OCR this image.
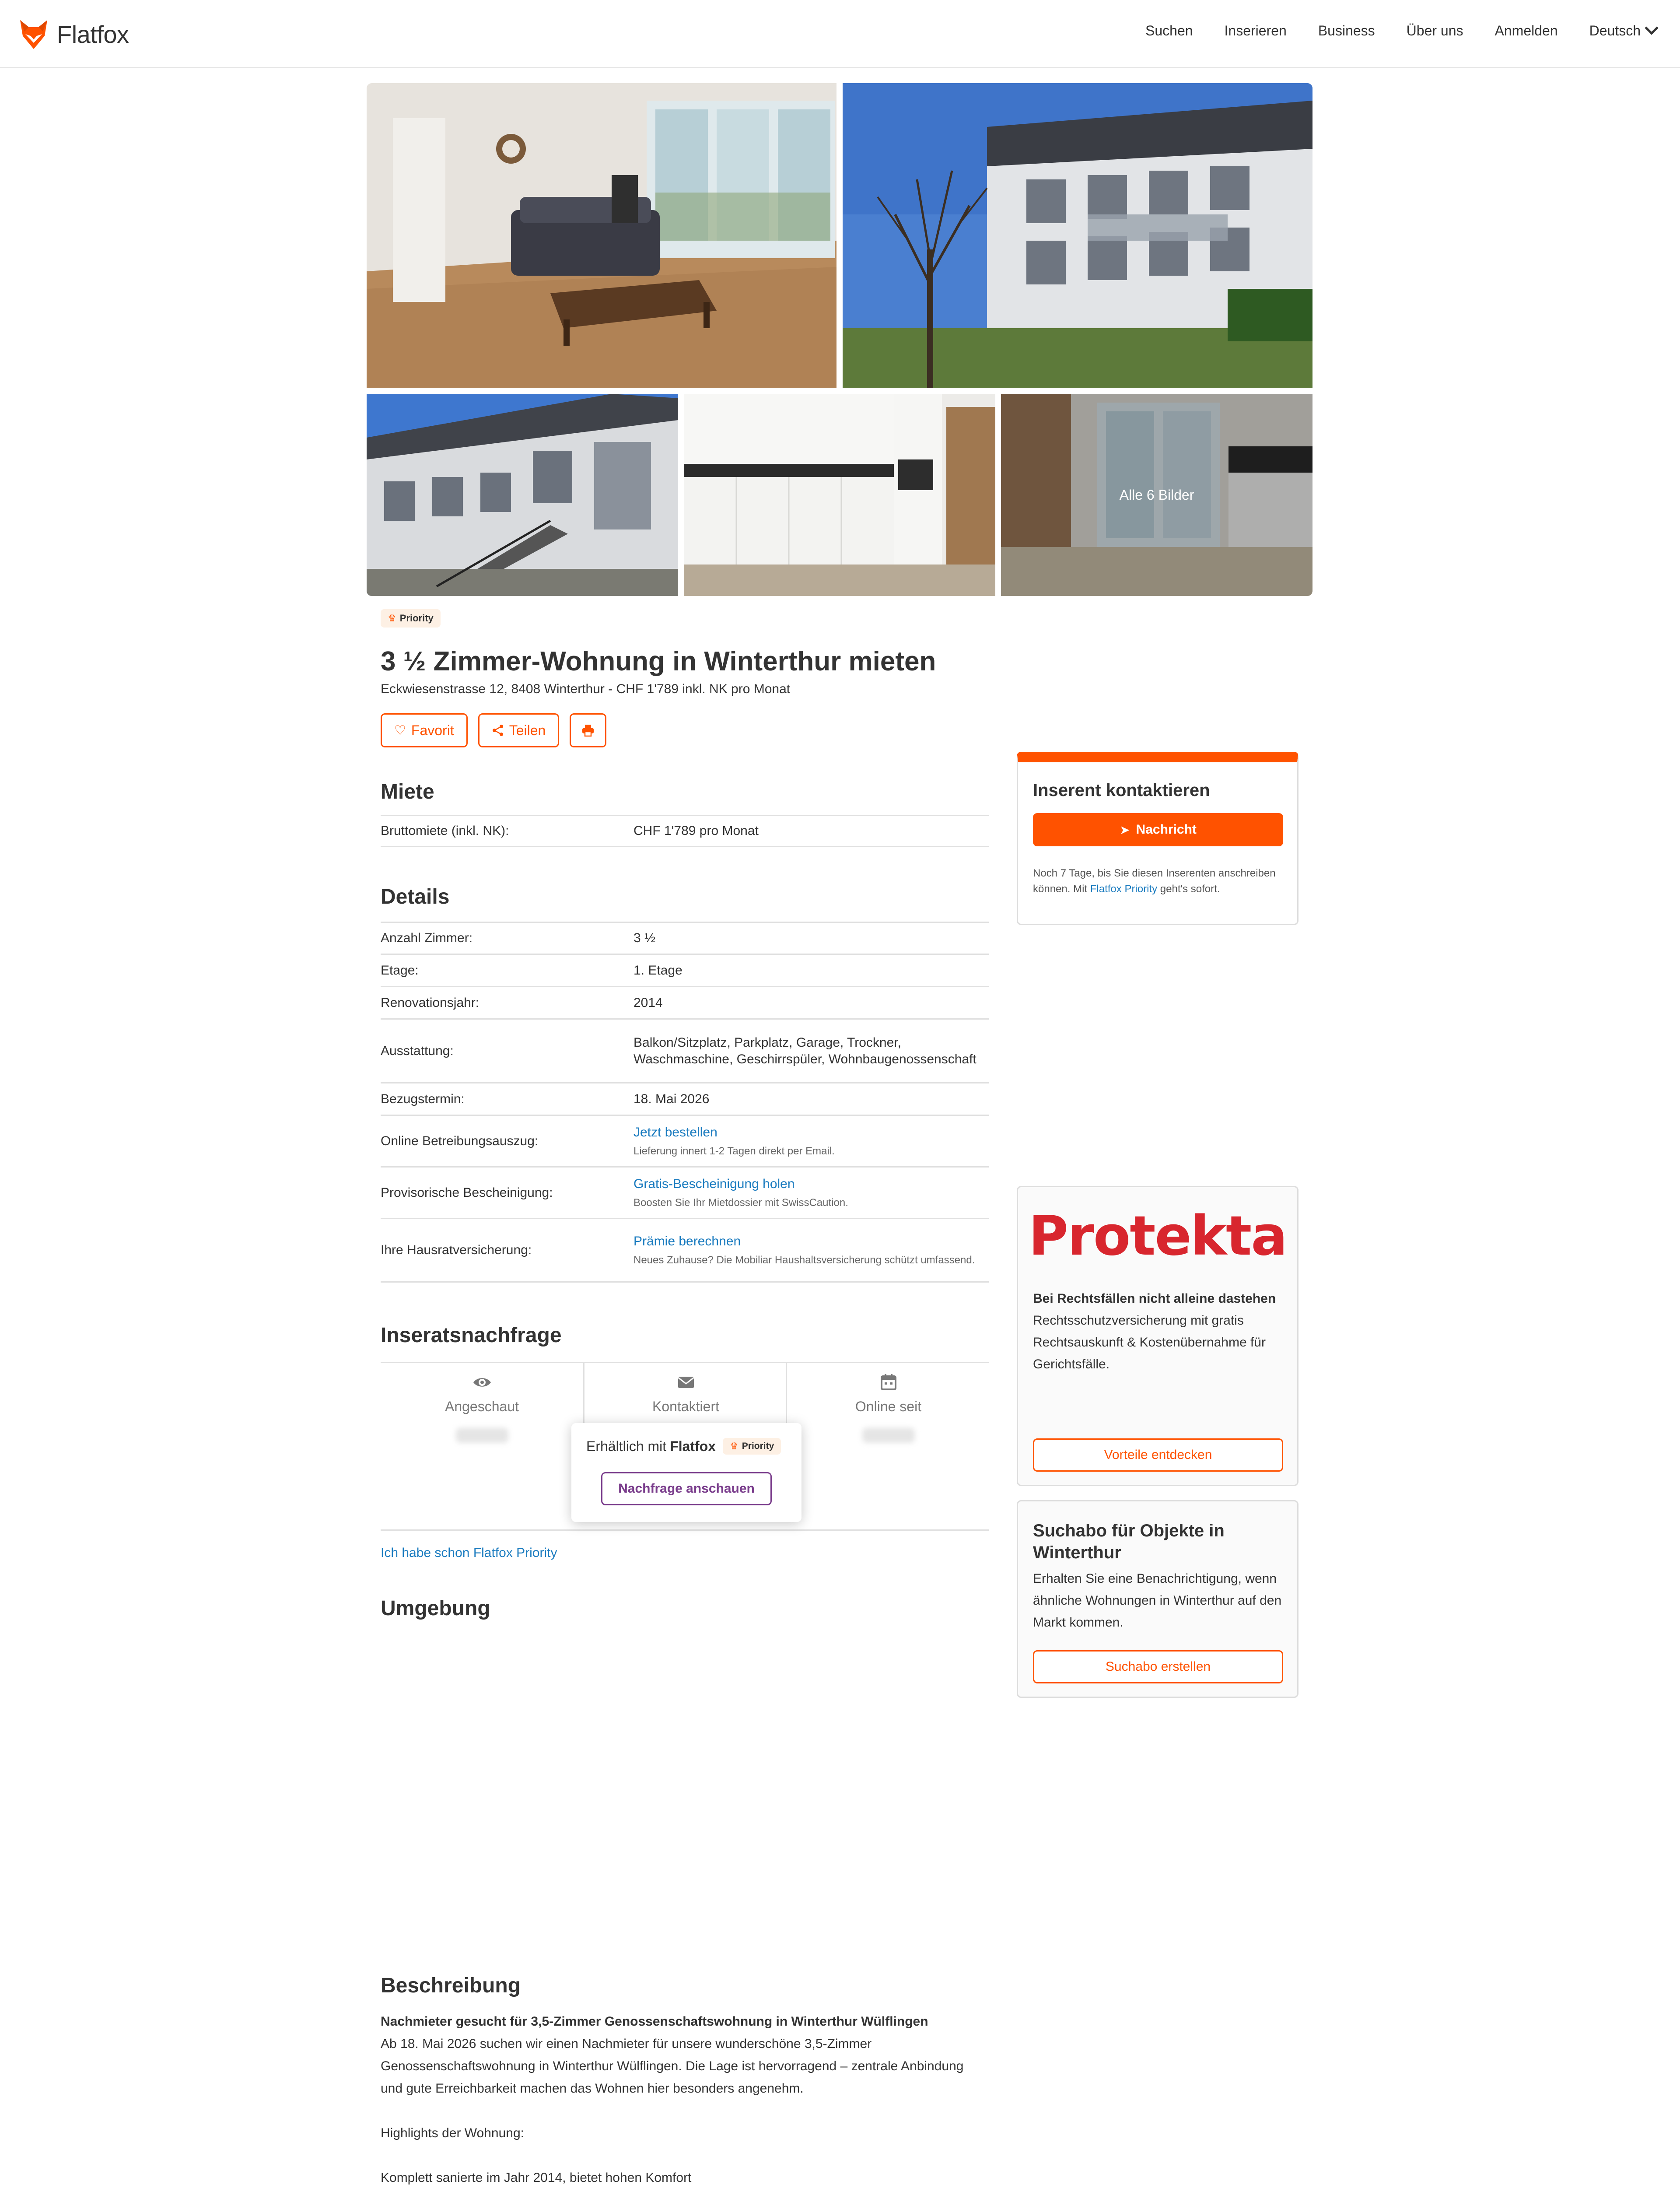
Flatfox	Suchen Inserieren Business Über uns Anmelden Deutsch
Alle 6 Bilder
♛ Priority
3 ½ Zimmer-Wohnung in Winterthur mieten
Eckwiesenstrasse 12, 8408 Winterthur - CHF 1'789 inkl. NK pro Monat
♡ Favorit	Teilen
Miete
Bruttomiete (inkl. NK):	CHF 1'789 pro Monat
Details
Anzahl Zimmer:	3 ½
Etage:	1. Etage
Renovationsjahr:	2014
Ausstattung:
Balkon/Sitzplatz, Parkplatz, Garage, Trockner, Waschmaschine, Geschirrspüler, Wohnbaugenossenschaft
Bezugstermin:	18. Mai 2026
Online Betreibungsauszug:
Jetzt bestellen
Lieferung innert 1-2 Tagen direkt per Email.
Provisorische Bescheinigung:
Gratis-Bescheinigung holen
Boosten Sie Ihr Mietdossier mit SwissCaution.
Ihre Hausratversicherung:
Prämie berechnen
Neues Zuhause? Die Mobiliar Haushaltsversicherung schützt umfassend.
Inseratsnachfrage
Angeschaut	Kontaktiert	Online seit
Erhältlich mit Flatfox ♛ Priority
Nachfrage anschauen
Ich habe schon Flatfox Priority
Umgebung
Beschreibung

Nachmieter gesucht für 3,5-Zimmer Genossenschaftswohnung in Winterthur Wülflingen

Ab 18. Mai 2026 suchen wir einen Nachmieter für unsere wunderschöne 3,5-Zimmer Genossenschaftswohnung in Winterthur Wülflingen. Die Lage ist hervorragend – zentrale Anbindung und gute Erreichbarkeit machen das Wohnen hier besonders angenehm.

Highlights der Wohnung:

Komplett sanierte im Jahr 2014, bietet hohen Komfort

Inserent kontaktieren
➤ Nachricht
Noch 7 Tage, bis Sie diesen Inserenten anschreiben können. Mit Flatfox Priority geht's sofort.
Protekta
Bei Rechtsfällen nicht alleine dastehen
Rechtsschutzversicherung mit gratis Rechtsauskunft & Kostenübernahme für Gerichtsfälle.
Vorteile entdecken
Suchabo für Objekte in Winterthur
Erhalten Sie eine Benachrichtigung, wenn ähnliche Wohnungen in Winterthur auf den Markt kommen.
Suchabo erstellen
